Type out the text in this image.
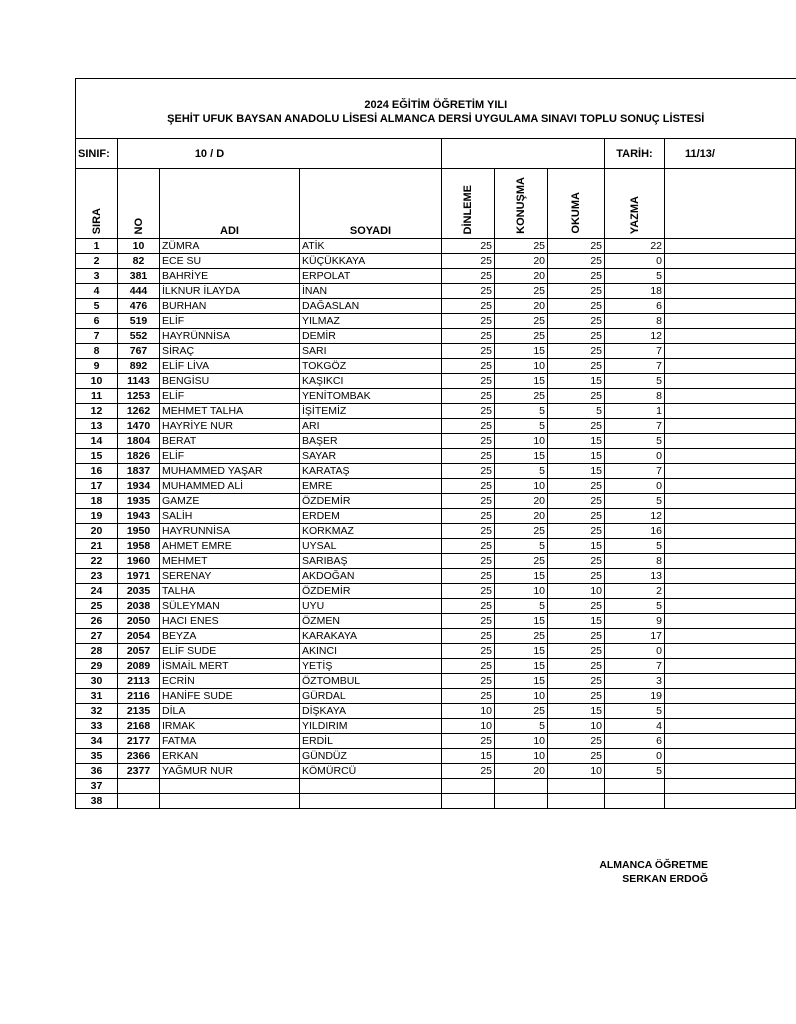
2024 EĞİTİM ÖĞRETİM YILI
ŞEHİT UFUK BAYSAN ANADOLU LİSESİ ALMANCA DERSİ UYGULAMA SINAVI TOPLU SONUÇ LİSTESİ								

SINIF:	10 / D						TARİH:	11/13/
SIRA	NO	ADI	SOYADI	DİNLEME	KONUŞMA	OKUMA	YAZMA	
1	10	ZÜMRA	ATİK	25	25	25	22	
2	82	ECE SU	KÜÇÜKKAYA	25	20	25	0	
3	381	BAHRİYE	ERPOLAT	25	20	25	5	
4	444	İLKNUR İLAYDA	İNAN	25	25	25	18	
5	476	BURHAN	DAĞASLAN	25	20	25	6	
6	519	ELİF	YILMAZ	25	25	25	8	
7	552	HAYRÜNNİSA	DEMİR	25	25	25	12	
8	767	SİRAÇ	SARI	25	15	25	7	
9	892	ELİF LİVA	TOKGÖZ	25	10	25	7	
10	1143	BENGİSU	KAŞIKCI	25	15	15	5	
11	1253	ELİF	YENİTOMBAK	25	25	25	8	
12	1262	MEHMET TALHA	İŞİTEMİZ	25	5	5	1	
13	1470	HAYRİYE NUR	ARI	25	5	25	7	
14	1804	BERAT	BAŞER	25	10	15	5	
15	1826	ELİF	SAYAR	25	15	15	0	
16	1837	MUHAMMED YAŞAR	KARATAŞ	25	5	15	7	
17	1934	MUHAMMED ALİ	EMRE	25	10	25	0	
18	1935	GAMZE	ÖZDEMİR	25	20	25	5	
19	1943	SALİH	ERDEM	25	20	25	12	
20	1950	HAYRUNNİSA	KORKMAZ	25	25	25	16	
21	1958	AHMET EMRE	UYSAL	25	5	15	5	
22	1960	MEHMET	SARIBAŞ	25	25	25	8	
23	1971	SERENAY	AKDOĞAN	25	15	25	13	
24	2035	TALHA	ÖZDEMİR	25	10	10	2	
25	2038	SÜLEYMAN	UYU	25	5	25	5	
26	2050	HACI ENES	ÖZMEN	25	15	15	9	
27	2054	BEYZA	KARAKAYA	25	25	25	17	
28	2057	ELİF SUDE	AKINCI	25	15	25	0	
29	2089	İSMAİL MERT	YETİŞ	25	15	25	7	
30	2113	ECRİN	ÖZTOMBUL	25	15	25	3	
31	2116	HANİFE SUDE	GÜRDAL	25	10	25	19	
32	2135	DİLA	DİŞKAYA	10	25	15	5	
33	2168	IRMAK	YILDIRIM	10	5	10	4	
34	2177	FATMA	ERDİL	25	10	25	6	
35	2366	ERKAN	GÜNDÜZ	15	10	25	0	
36	2377	YAĞMUR NUR	KÖMÜRCÜ	25	20	10	5	
37								
38								
ALMANCA ÖĞRETME
SERKAN ERDOĞ
